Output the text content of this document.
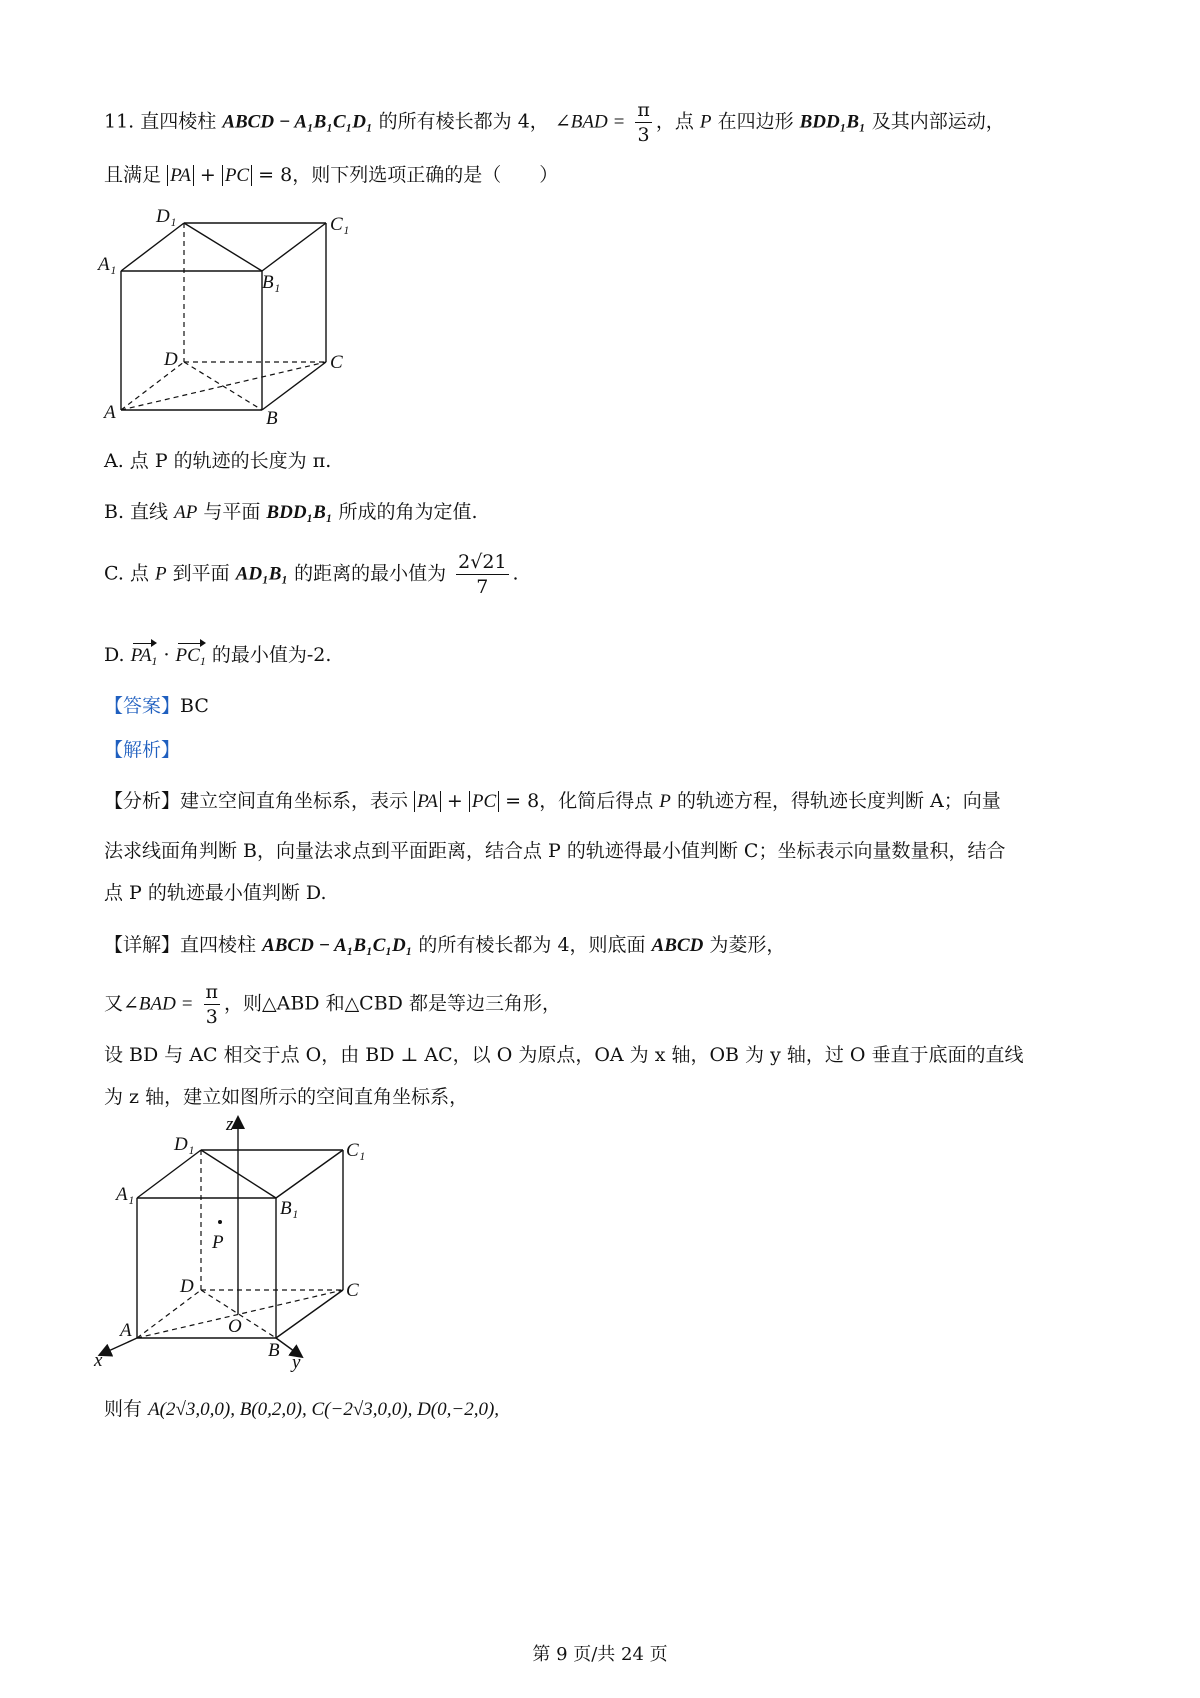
11. 直四棱柱 ABCD − A₁B₁C₁D₁ 的所有棱长都为 4， ∠BAD = $\frac{\pi}{3}$ ，点 P 在四边形 BDD₁B₁ 及其内部运动，
且满足 PA + PC = 8，则下列选项正确的是（　　）
D₁	C₁
A₁
B₁
D	C
A	B
A. 点 P 的轨迹的长度为 π.
B. 直线 AP 与平面 BDD₁B₁ 所成的角为定值.
C. 点 P 到平面 AD₁B₁ 的距离的最小值为 $\frac{2√21}{7}$ .
D. $PA_1 \cdot PC_1$ 的最小值为-2.
【答案】BC
【解析】
【分析】建立空间直角坐标系，表示 PA + PC = 8，化简后得点 P 的轨迹方程，得轨迹长度判断 A；向量
法求线面角判断 B，向量法求点到平面距离，结合点 P 的轨迹得最小值判断 C；坐标表示向量数量积，结合
点 P 的轨迹最小值判断 D.
【详解】直四棱柱 ABCD − A₁B₁C₁D₁ 的所有棱长都为 4，则底面 ABCD 为菱形，
又∠BAD = $\frac{\pi}{3}$ ，则△ABD 和△CBD 都是等边三角形，
设 BD 与 AC 相交于点 O，由 BD ⊥ AC，以 O 为原点，OA 为 x 轴，OB 为 y 轴，过 O 垂直于底面的直线
为 z 轴，建立如图所示的空间直角坐标系，
z
x	y
D₁	C₁
A₁
B₁
P
D	C
A	O
B
则有 A(2√3,0,0), B(0,2,0), C(−2√3,0,0), D(0,−2,0),
第 9 页/共 24 页
